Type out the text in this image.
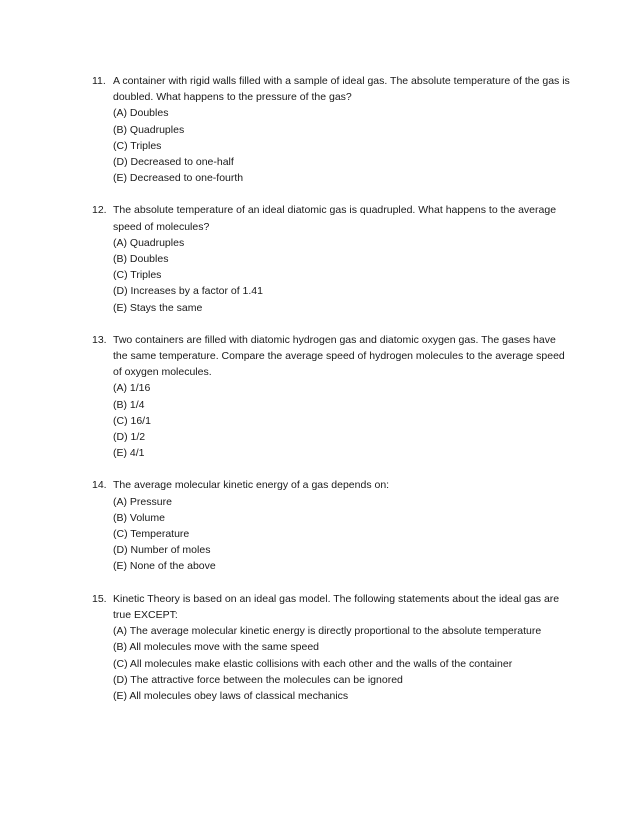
11. A container with rigid walls filled with a sample of ideal gas. The absolute temperature of the gas is doubled. What happens to the pressure of the gas?
(A) Doubles
(B) Quadruples
(C) Triples
(D) Decreased to one-half
(E) Decreased to one-fourth
12. The absolute temperature of an ideal diatomic gas is quadrupled. What happens to the average speed of molecules?
(A) Quadruples
(B) Doubles
(C) Triples
(D) Increases by a factor of 1.41
(E) Stays the same
13. Two containers are filled with diatomic hydrogen gas and diatomic oxygen gas. The gases have the same temperature. Compare the average speed of hydrogen molecules to the average speed of oxygen molecules.
(A) 1/16
(B) 1/4
(C) 16/1
(D) 1/2
(E) 4/1
14. The average molecular kinetic energy of a gas depends on:
(A) Pressure
(B) Volume
(C) Temperature
(D) Number of moles
(E) None of the above
15. Kinetic Theory is based on an ideal gas model. The following statements about the ideal gas are true EXCEPT:
(A) The average molecular kinetic energy is directly proportional to the absolute temperature
(B) All molecules move with the same speed
(C) All molecules make elastic collisions with each other and the walls of the container
(D) The attractive force between the molecules can be ignored
(E) All molecules obey laws of classical mechanics
